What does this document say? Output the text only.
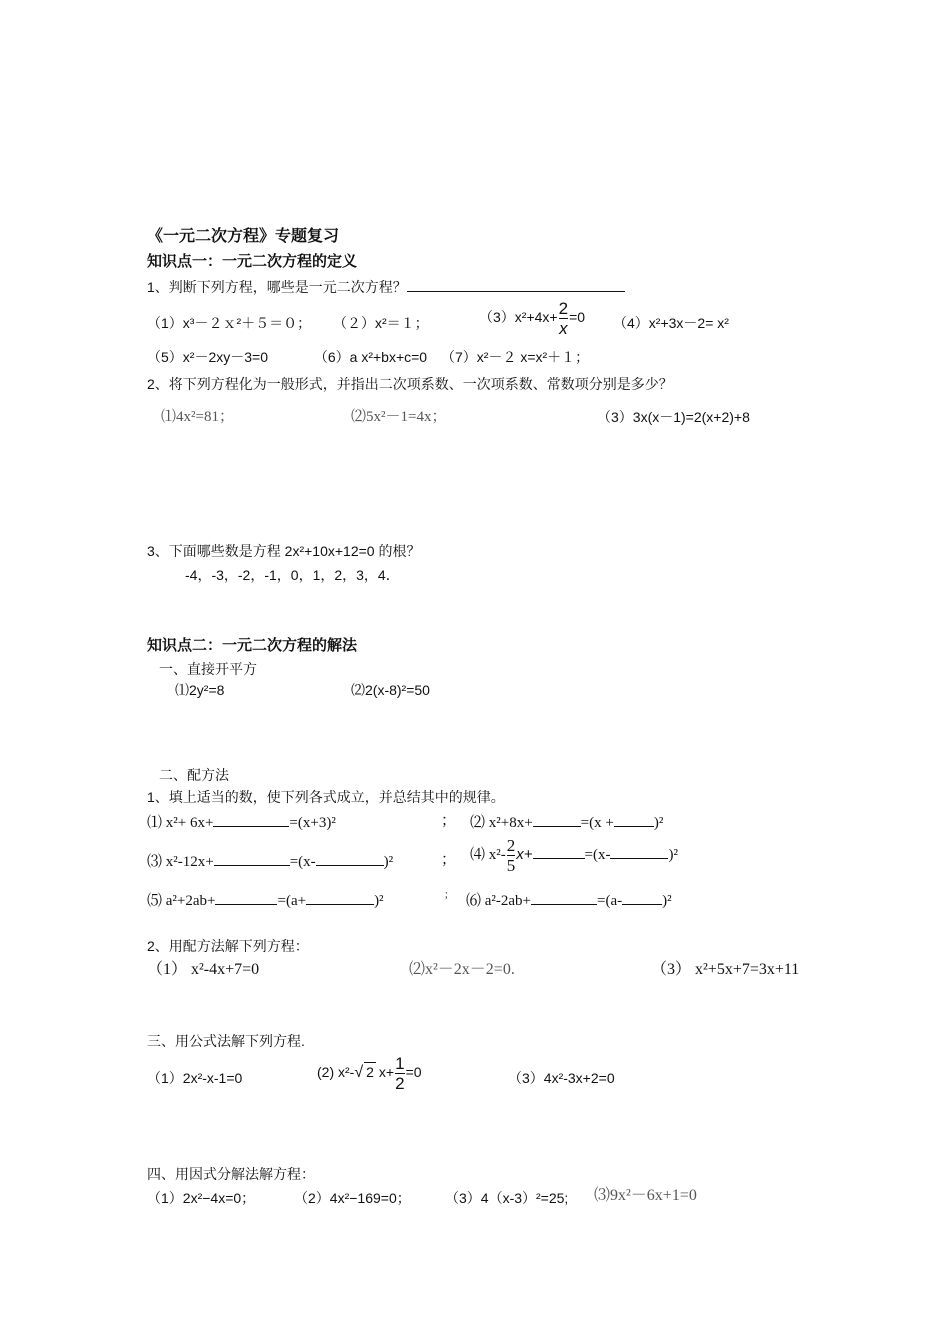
《一元二次方程》专题复习
知识点一：一元二次方程的定义
1、判断下列方程，哪些是一元二次方程？
（1）x³－２ｘ²＋５＝０； （２）x²＝１；	$(3)x^2+4x+ \frac{2}{x} =0$ （4）x²+3x－2= x²
（5）x²－2xy－3=0	（6）a x²+bx+c=0 （7）x²－２ x=x²＋１；
2、将下列方程化为一般形式，并指出二次项系数、一次项系数、常数项分别是多少？
⑴4x²=81；	⑵5x²－1=4x；	（3）3x(x－1)=2(x+2)+8
3、下面哪些数是方程 2x²+10x+12=0 的根？
-4，-3，-2，-1，0，1，2，3，4．
知识点二：一元二次方程的解法
一、直接开平方
⑴2y²=8	⑵2(x-8)²=50
二、配方法
1、填上适当的数，使下列各式成立，并总结其中的规律。
⑴ x²+ 6x+	=(x+3)²	； ⑵ x²+8x+	=(x +	)²
⑶ x²-12x+	=(x-	)²	； ⑷ $x^2- \frac{2}{5} x+$	=(x-	)²
⑸ a²+2ab+	=(a+	)²	； ⑹ a²-2ab+	=(a-	)²
2、用配方法解下列方程：
（1） x²-4x+7=0	⑵x²－2x－2=0.	（3） x²+5x+7=3x+11
三、用公式法解下列方程.
（1）2x²-x-1=0	(2) x²-√ 2 $x+ \frac{1}{2} =0$	（3）4x²-3x+2=0
四、用因式分解法解方程：
（1）2x²−4x=0；	（2）4x²−169=0； （3）4（x-3）²=25; ⑶9x²－6x+1=0
